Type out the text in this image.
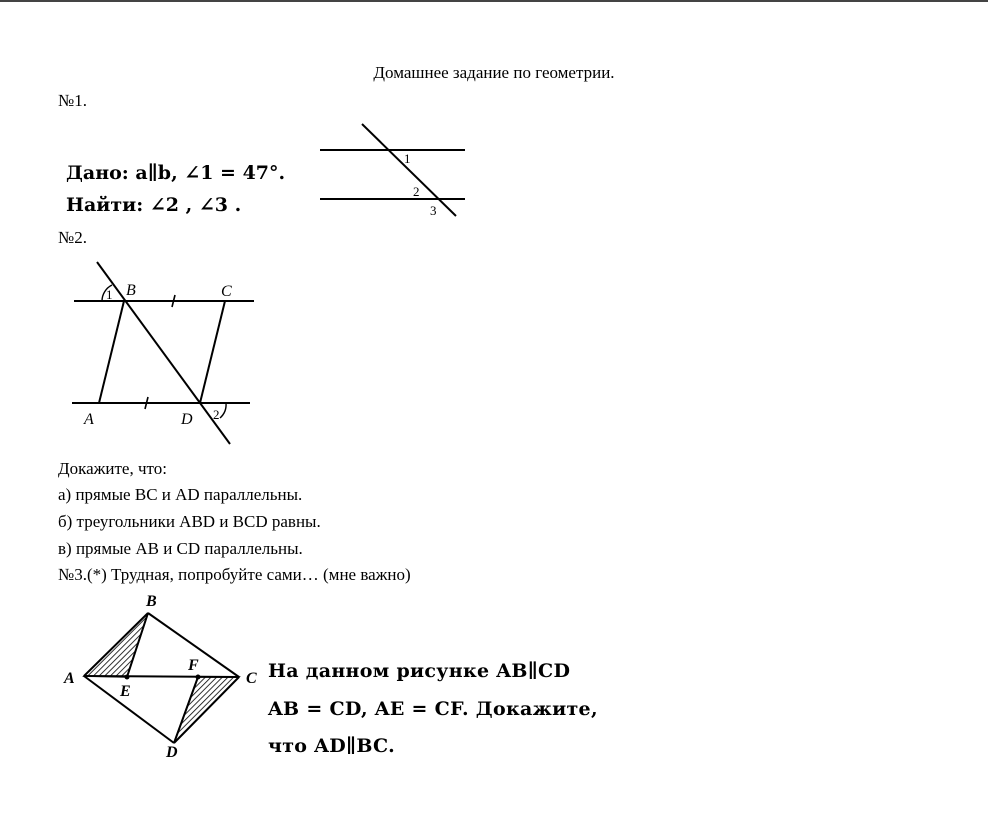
Домашнее задание по геометрии.
№1.
Дано: a∥b, ∠1 = 47°.
Найти: ∠2 , ∠3 .
1
2
3
№2.
1
2
B	C
A	D
Докажите, что:
а) прямые BC и AD параллельны.
б) треугольники ABD и BCD равны.
в) прямые AB и CD параллельны.
№3.(*) Трудная, попробуйте сами… (мне важно)
A
B
C
D
E
F	На данном рисунке AB∥CD
AB = CD, AE = CF. Докажите,
что AD∥BC.
